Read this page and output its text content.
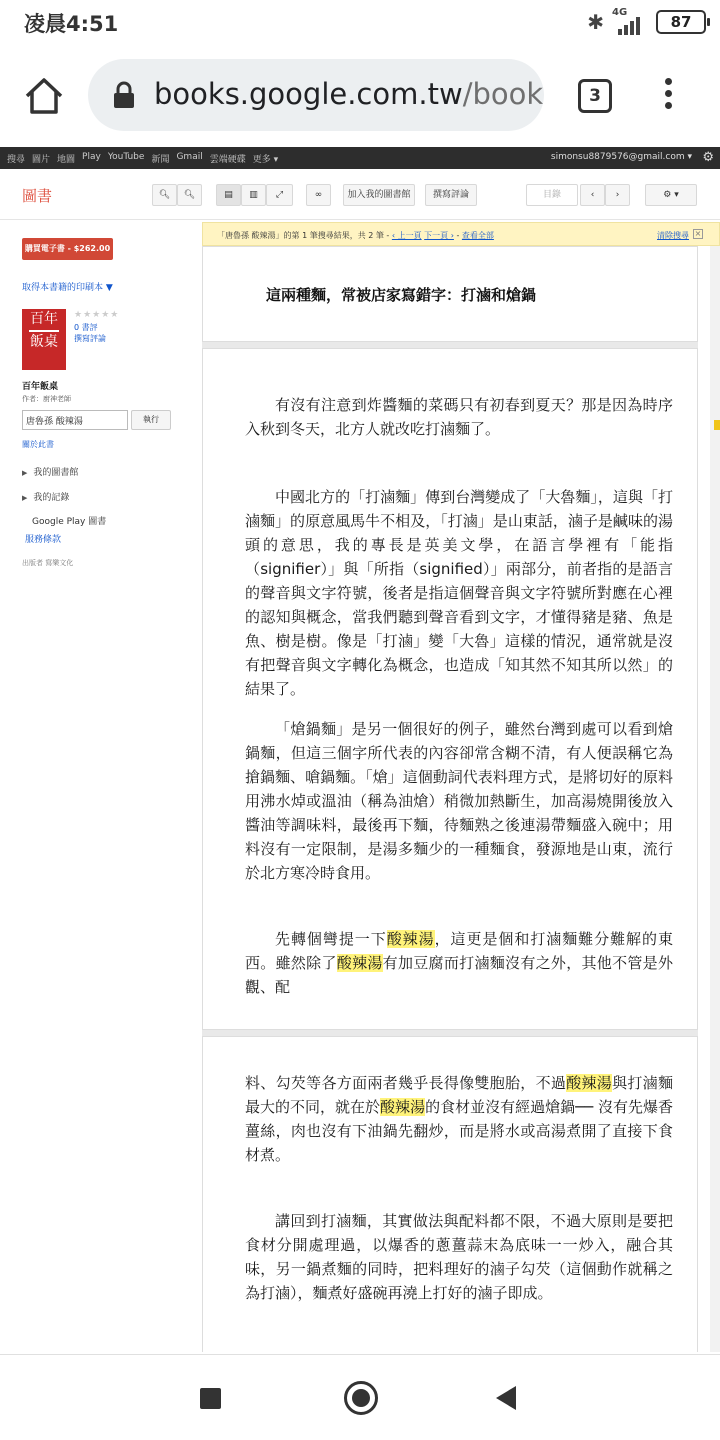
凌晨4:51	✱ 4G
87
books.google.com.tw/book	3
搜尋 圖片 地圖 Play YouTube 新聞 Gmail 雲端硬碟 更多 ▾	simonsu8879576@gmail.com ▾ ⚙
圖書	🔍︎	🔍︎	▤	▥	⤢	∞	加入我的圖書館	撰寫評論	目錄	‹	›	⚙ ▾
購買電子書 - $262.00
取得本書籍的印刷本 ▼
百年
飯桌
★★★★★
0 書評
撰寫評論
百年飯桌
作者：廚神老師
唐魯孫 酸辣湯
執行
關於此書
▶ 我的圖書館
▶ 我的記錄
Google Play 圖書
服務條款
出版者 寫樂文化
「唐魯孫 酸辣湯」的第 1 筆搜尋結果，共 2 筆 - ‹ 上一頁 下一頁 › - 查看全部	清除搜尋 ×
這兩種麵，常被店家寫錯字：打滷和熗鍋

有沒有注意到炸醬麵的菜碼只有初春到夏天？那是因為時序入秋到冬天，北方人就改吃打滷麵了。

中國北方的「打滷麵」傳到台灣變成了「大魯麵」，這與「打滷麵」的原意風馬牛不相及，「打滷」是山東話，滷子是鹹味的湯頭的意思，我的專長是英美文學，在語言學裡有「能指（signifier）」與「所指（signified）」兩部分，前者指的是語言的聲音與文字符號，後者是指這個聲音與文字符號所對應在心裡的認知與概念，當我們聽到聲音看到文字，才懂得豬是豬、魚是魚、樹是樹。像是「打滷」變「大魯」這樣的情況，通常就是沒有把聲音與文字轉化為概念，也造成「知其然不知其所以然」的結果了。

「熗鍋麵」是另一個很好的例子，雖然台灣到處可以看到熗鍋麵，但這三個字所代表的內容卻常含糊不清，有人便誤稱它為搶鍋麵、嗆鍋麵。「熗」這個動詞代表料理方式，是將切好的原料用沸水焯或溫油（稱為油熗）稍微加熱斷生，加高湯燒開後放入醬油等調味料，最後再下麵，待麵熟之後連湯帶麵盛入碗中；用料沒有一定限制，是湯多麵少的一種麵食，發源地是山東，流行於北方寒冷時食用。

先轉個彎提一下酸辣湯，這更是個和打滷麵難分難解的東西。雖然除了酸辣湯有加豆腐而打滷麵沒有之外，其他不管是外觀、配

料、勾芡等各方面兩者幾乎長得像雙胞胎，不過酸辣湯與打滷麵最大的不同，就在於酸辣湯的食材並沒有經過熗鍋── 沒有先爆香薑絲，肉也沒有下油鍋先翻炒，而是將水或高湯煮開了直接下食材煮。

講回到打滷麵，其實做法與配料都不限，不過大原則是要把食材分開處理過，以爆香的蔥薑蒜末為底味一一炒入，融合其味，另一鍋煮麵的同時，把料理好的滷子勾芡（這個動作就稱之為打滷），麵煮好盛碗再澆上打好的滷子即成。
